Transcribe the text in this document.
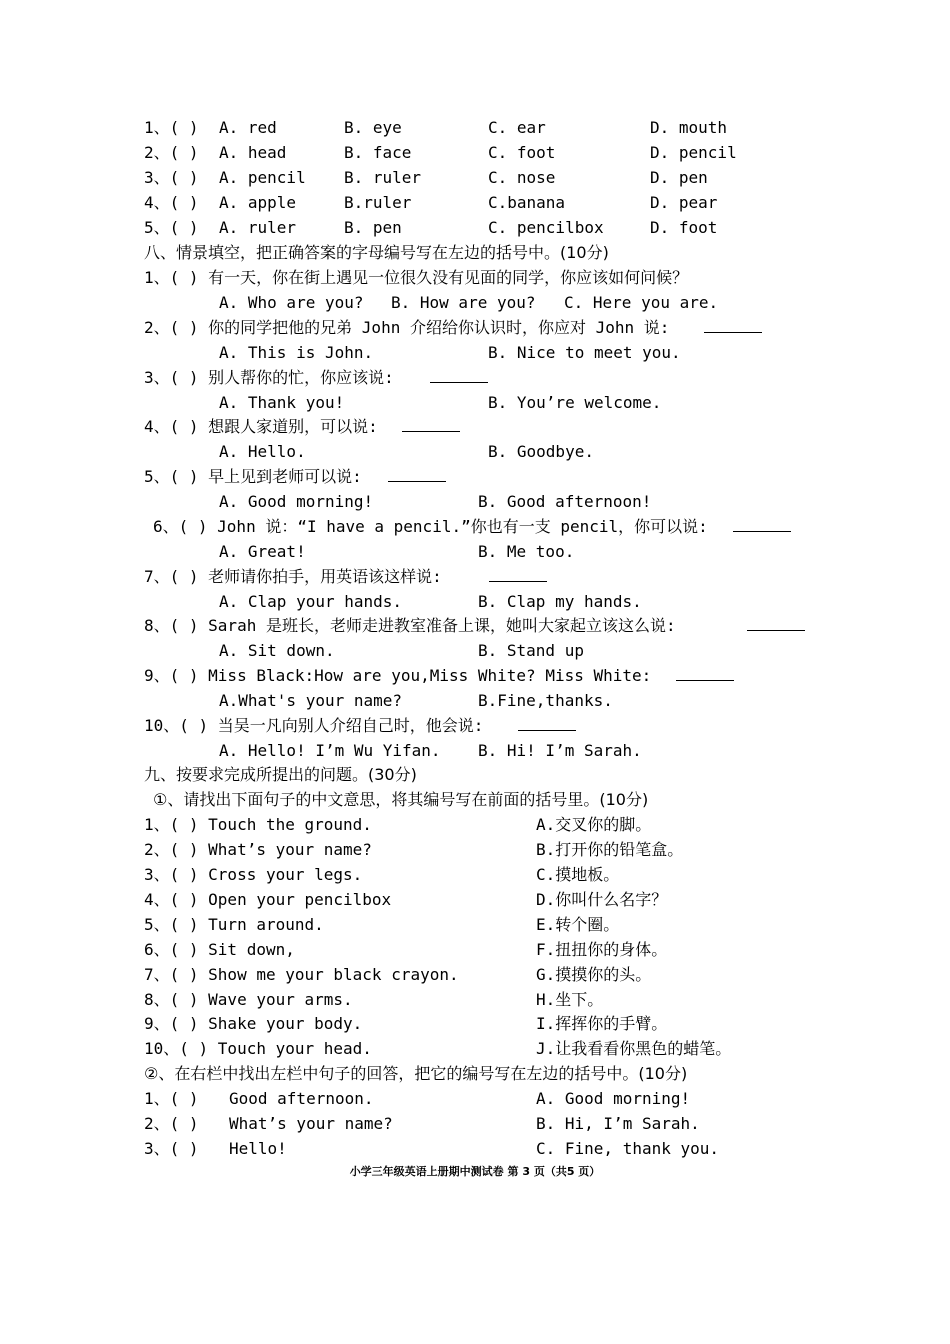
1、( ) A. red	B. eye	C. ear	D. mouth
2、( ) A. head	B. face	C. foot	D. pencil
3、( ) A. pencil B. ruler	C. nose	D. pen
4、( ) A. apple	B.ruler	C.banana	D. pear
5、( ) A. ruler	B. pen	C. pencilbox	D. foot
八、情景填空，把正确答案的字母编号写在左边的括号中。(10分)
1、( ) 有一天，你在街上遇见一位很久没有见面的同学，你应该如何问候？
A. Who are you? B. How are you? C. Here you are.
2、( ) 你的同学把他的兄弟 John 介绍给你认识时，你应对 John 说:
A. This is John.	B. Nice to meet you.
3、( ) 别人帮你的忙，你应该说:
A. Thank you!	B. You’re welcome.
4、( ) 想跟人家道别，可以说:
A. Hello.	B. Goodbye.
5、( ) 早上见到老师可以说:
A. Good morning!	B. Good afternoon!
6、( ) John 说：“I have a pencil.”你也有一支 pencil，你可以说:
A. Great!	B. Me too.
7、( ) 老师请你拍手，用英语该这样说:
A. Clap your hands.	B. Clap my hands.
8、( ) Sarah 是班长，老师走进教室准备上课，她叫大家起立该这么说:
A. Sit down.	B. Stand up
9、( ) Miss Black:How are you,Miss White? Miss White:
A.What's your name?	B.Fine,thanks.
10、( ) 当吴一凡向别人介绍自己时，他会说:
A. Hello! I’m Wu Yifan. B. Hi! I’m Sarah.
九、按要求完成所提出的问题。(30分)
①、请找出下面句子的中文意思，将其编号写在前面的括号里。(10分)
1、( ) Touch the ground.	A.交叉你的脚。
2、( ) What’s your name?	B.打开你的铅笔盒。
3、( ) Cross your legs.	C.摸地板。
4、( ) Open your pencilbox	D.你叫什么名字？
5、( ) Turn around.	E.转个圈。
6、( ) Sit down,	F.扭扭你的身体。
7、( ) Show me your black crayon.	G.摸摸你的头。
8、( ) Wave your arms.	H.坐下。
9、( ) Shake your body.	I.挥挥你的手臂。
10、( ) Touch your head.	J.让我看看你黑色的蜡笔。
②、在右栏中找出左栏中句子的回答，把它的编号写在左边的括号中。(10分)
1、( ) Good afternoon.	A. Good morning!
2、( ) What’s your name?	B. Hi, I’m Sarah.
3、( ) Hello!	C. Fine, thank you.
小学三年级英语上册期中测试卷 第 3 页（共5 页）
